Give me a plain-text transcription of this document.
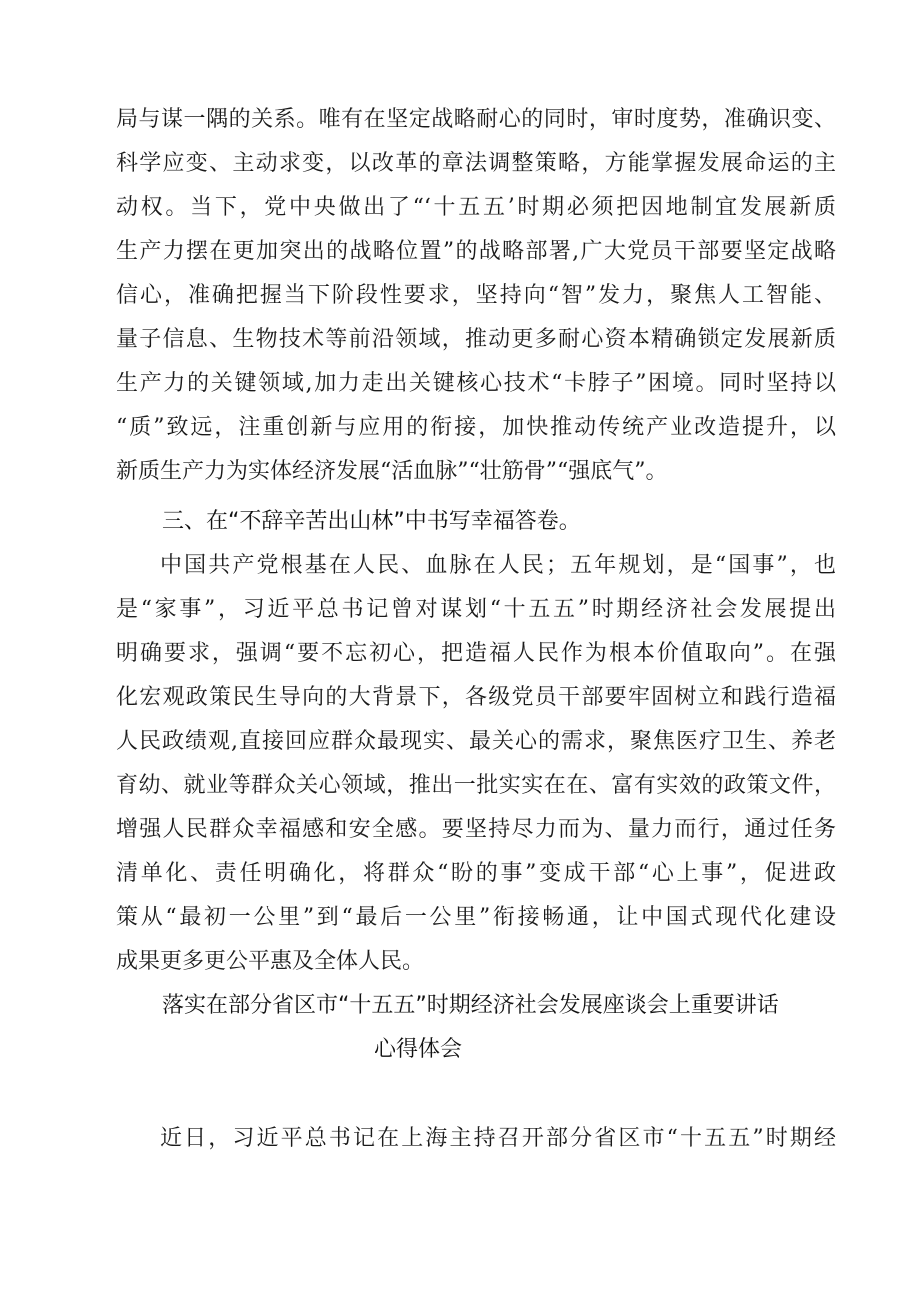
局与谋一隅的关系。唯有在坚定战略耐心的同时，审时度势，准确识变、
科学应变、主动求变，以改革的章法调整策略，方能掌握发展命运的主
动权。当下，党中央做出了“‘十五五’时期必须把因地制宜发展新质
生产力摆在更加突出的战略位置”的战略部署,广大党员干部要坚定战略
信心，准确把握当下阶段性要求，坚持向“智”发力，聚焦人工智能、
量子信息、生物技术等前沿领域，推动更多耐心资本精确锁定发展新质
生产力的关键领域,加力走出关键核心技术“卡脖子”困境。同时坚持以
“质”致远，注重创新与应用的衔接，加快推动传统产业改造提升，以
新质生产力为实体经济发展“活血脉”“壮筋骨”“强底气”。
三、在“不辞辛苦出山林”中书写幸福答卷。
中国共产党根基在人民、血脉在人民；五年规划，是“国事”，也
是“家事”，习近平总书记曾对谋划“十五五”时期经济社会发展提出
明确要求，强调“要不忘初心，把造福人民作为根本价值取向”。在强
化宏观政策民生导向的大背景下，各级党员干部要牢固树立和践行造福
人民政绩观,直接回应群众最现实、最关心的需求，聚焦医疗卫生、养老
育幼、就业等群众关心领域，推出一批实实在在、富有实效的政策文件，
增强人民群众幸福感和安全感。要坚持尽力而为、量力而行，通过任务
清单化、责任明确化，将群众“盼的事”变成干部“心上事”，促进政
策从“最初一公里”到“最后一公里”衔接畅通，让中国式现代化建设
成果更多更公平惠及全体人民。
落实在部分省区市“十五五”时期经济社会发展座谈会上重要讲话
心得体会
近日，习近平总书记在上海主持召开部分省区市“十五五”时期经
